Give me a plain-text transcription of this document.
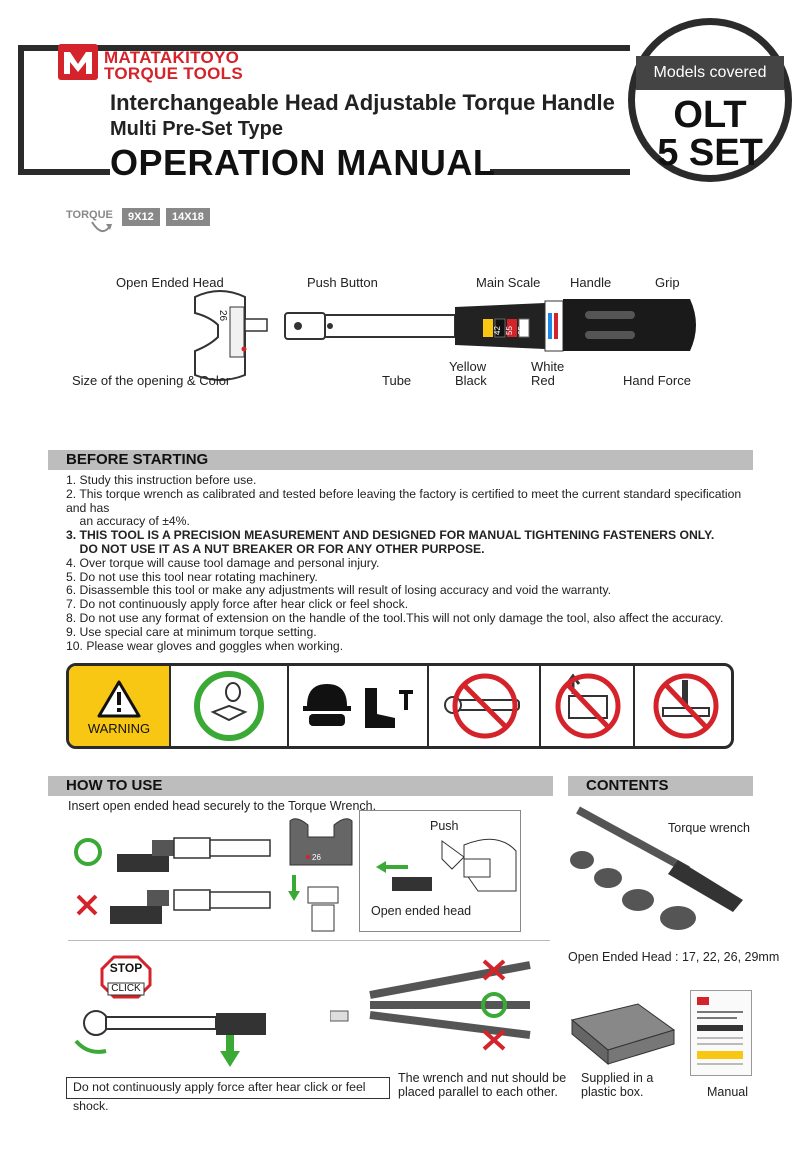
MATATAKITOYO
TORQUE TOOLS
Interchangeable Head Adjustable Torque Handle
Multi Pre-Set Type
OPERATION MANUAL
Models covered
OLT
5 SET
TORQUE	9X12	14X18
42 55 65
26
Open Ended Head	Push Button	Main Scale Handle	Grip
Size of the opening & Color	Tube
Yellow
Black
White
Red	Hand Force
BEFORE STARTING
1. Study this instruction before use.
2. This torque wrench as calibrated and tested before leaving the factory is certified to meet the current standard specification and has
an accuracy of ±4%.
3. THIS TOOL IS A PRECISION MEASUREMENT AND DESIGNED FOR MANUAL TIGHTENING FASTENERS ONLY.
DO NOT USE IT AS A NUT BREAKER OR FOR ANY OTHER PURPOSE.
4. Over torque will cause tool damage and personal injury.
5. Do not use this tool near rotating machinery.
6. Disassemble this tool or make any adjustments will result of losing accuracy and void the warranty.
7. Do not continuously apply force after hear click or feel shock.
8. Do not use any format of extension on the handle of the tool.This will not only damage the tool, also affect the accuracy.
9. Use special care at minimum torque setting.
10. Please wear gloves and goggles when working.
WARNING
HOW TO USE
Insert open ended head securely to the Torque Wrench.
26
Push
Open ended head
STOP
CLICK
Do not continuously apply force after hear click or feel shock.
The wrench and nut should be
placed parallel to each other.
CONTENTS
Torque wrench
Open Ended Head : 17, 22, 26, 29mm
Supplied in a
plastic box.	Manual
